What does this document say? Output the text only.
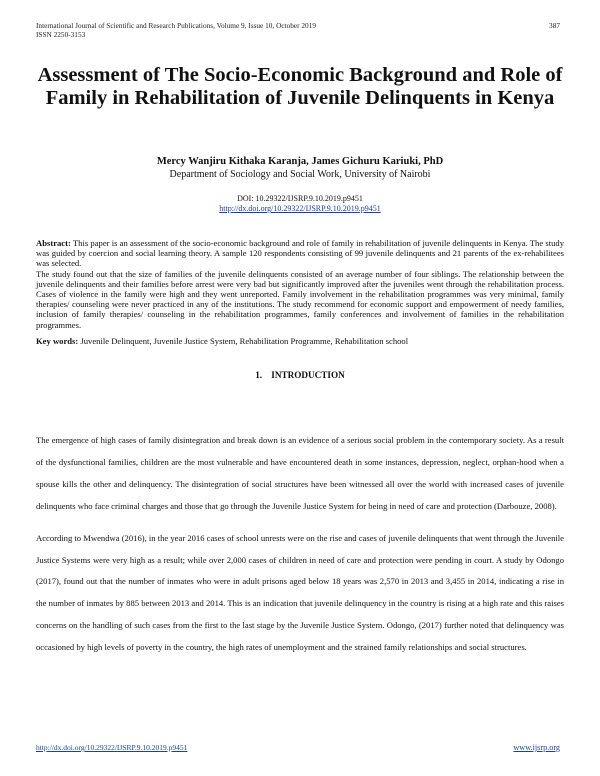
International Journal of Scientific and Research Publications, Volume 9, Issue 10, October 2019
ISSN 2250-3153
387
Assessment of The Socio-Economic Background and Role of Family in Rehabilitation of Juvenile Delinquents in Kenya
Mercy Wanjiru Kithaka Karanja, James Gichuru Kariuki, PhD
Department of Sociology and Social Work, University of Nairobi
DOI: 10.29322/IJSRP.9.10.2019.p9451
http://dx.doi.org/10.29322/IJSRP.9.10.2019.p9451

Abstract: This paper is an assessment of the socio-economic background and role of family in rehabilitation of juvenile delinquents in Kenya. The study was guided by coercion and social learning theory. A sample 120 respondents consisting of 99 juvenile delinquents and 21 parents of the ex-rehabilitees was selected.

The study found out that the size of families of the juvenile delinquents consisted of an average number of four siblings. The relationship between the juvenile delinquents and their families before arrest were very bad but significantly improved after the juveniles went through the rehabilitation process. Cases of violence in the family were high and they went unreported. Family involvement in the rehabilitation programmes was very minimal, family therapies/ counseling were never practiced in any of the institutions. The study recommend for economic support and empowerment of needy families, inclusion of family therapies/ counseling in the rehabilitation programmes, family conferences and involvement of families in the rehabilitation programmes.

Key words: Juvenile Delinquent, Juvenile Justice System, Rehabilitation Programme, Rehabilitation school
1. INTRODUCTION

The emergence of high cases of family disintegration and break down is an evidence of a serious social problem in the contemporary society. As a result of the dysfunctional families, children are the most vulnerable and have encountered death in some instances, depression, neglect, orphan-hood when a spouse kills the other and delinquency. The disintegration of social structures have been witnessed all over the world with increased cases of juvenile delinquents who face criminal charges and those that go through the Juvenile Justice System for being in need of care and protection (Darbouze, 2008).

According to Mwendwa (2016), in the year 2016 cases of school unrests were on the rise and cases of juvenile delinquents that went through the Juvenile Justice Systems were very high as a result; while over 2,000 cases of children in need of care and protection were pending in court. A study by Odongo (2017), found out that the number of inmates who were in adult prisons aged below 18 years was 2,570 in 2013 and 3,455 in 2014, indicating a rise in the number of inmates by 885 between 2013 and 2014. This is an indication that juvenile delinquency in the country is rising at a high rate and this raises concerns on the handling of such cases from the first to the last stage by the Juvenile Justice System. Odongo, (2017) further noted that delinquency was occasioned by high levels of poverty in the country, the high rates of unemployment and the strained family relationships and social structures.

http://dx.doi.org/10.29322/IJSRP.9.10.2019.p9451	www.ijsrp.org
